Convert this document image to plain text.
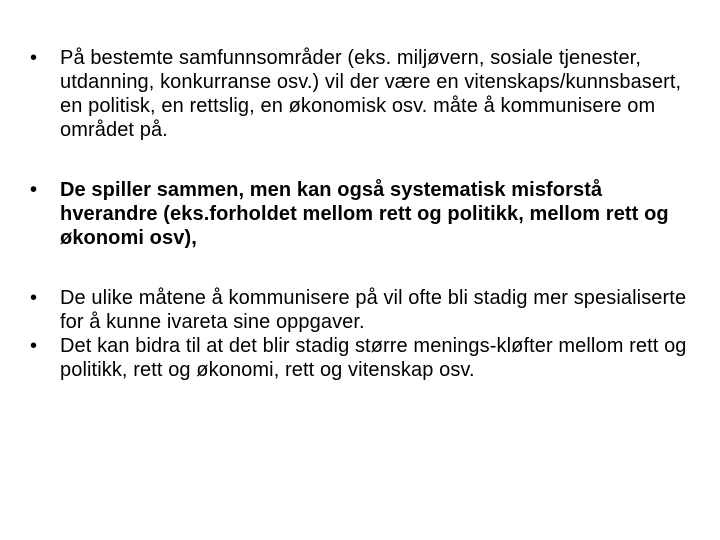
•	På bestemte samfunnsområder (eks. miljøvern, sosiale tjenester, utdanning, konkurranse osv.) vil der være en vitenskaps/kunnsbasert, en politisk, en rettslig, en økonomisk osv. måte å kommunisere om området på.
•	De spiller sammen, men kan også systematisk misforstå hverandre (eks.forholdet mellom rett og politikk, mellom rett og økonomi osv),
•	De ulike måtene å kommunisere på vil ofte bli stadig mer spesialiserte for å kunne ivareta sine oppgaver.
•	Det kan bidra til at det blir stadig større menings-kløfter mellom rett og politikk, rett og økonomi, rett og vitenskap osv.
